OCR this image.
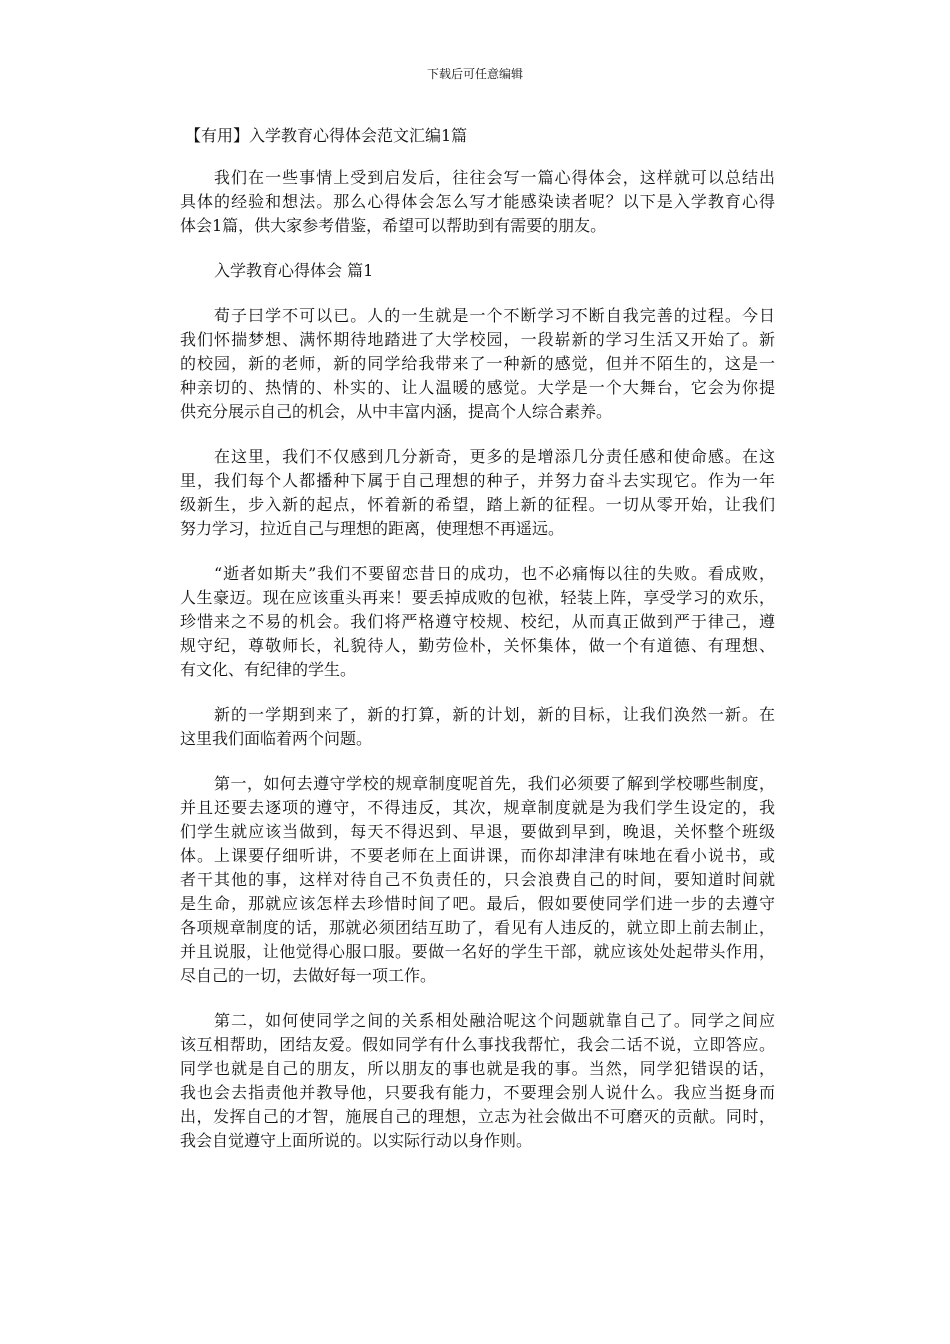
下载后可任意编辑
【有用】入学教育心得体会范文汇编1篇
我们在一些事情上受到启发后，往往会写一篇心得体会，这样就可以总结出
具体的经验和想法。那么心得体会怎么写才能感染读者呢？以下是入学教育心得
体会1篇，供大家参考借鉴，希望可以帮助到有需要的朋友。
入学教育心得体会 篇1
荀子曰学不可以已。人的一生就是一个不断学习不断自我完善的过程。今日
我们怀揣梦想、满怀期待地踏进了大学校园，一段崭新的学习生活又开始了。新
的校园，新的老师，新的同学给我带来了一种新的感觉，但并不陌生的，这是一
种亲切的、热情的、朴实的、让人温暖的感觉。大学是一个大舞台，它会为你提
供充分展示自己的机会，从中丰富内涵，提高个人综合素养。
在这里，我们不仅感到几分新奇，更多的是增添几分责任感和使命感。在这
里，我们每个人都播种下属于自己理想的种子，并努力奋斗去实现它。作为一年
级新生，步入新的起点，怀着新的希望，踏上新的征程。一切从零开始，让我们
努力学习，拉近自己与理想的距离，使理想不再遥远。
“逝者如斯夫”我们不要留恋昔日的成功，也不必痛悔以往的失败。看成败，
人生豪迈。现在应该重头再来！要丢掉成败的包袱，轻装上阵，享受学习的欢乐，
珍惜来之不易的机会。我们将严格遵守校规、校纪，从而真正做到严于律己，遵
规守纪，尊敬师长，礼貌待人，勤劳俭朴，关怀集体，做一个有道德、有理想、
有文化、有纪律的学生。
新的一学期到来了，新的打算，新的计划，新的目标，让我们涣然一新。在
这里我们面临着两个问题。
第一，如何去遵守学校的规章制度呢首先，我们必须要了解到学校哪些制度，
并且还要去逐项的遵守，不得违反，其次，规章制度就是为我们学生设定的，我
们学生就应该当做到，每天不得迟到、早退，要做到早到，晚退，关怀整个班级
体。上课要仔细听讲，不要老师在上面讲课，而你却津津有味地在看小说书，或
者干其他的事，这样对待自己不负责任的，只会浪费自己的时间，要知道时间就
是生命，那就应该怎样去珍惜时间了吧。最后，假如要使同学们进一步的去遵守
各项规章制度的话，那就必须团结互助了，看见有人违反的，就立即上前去制止，
并且说服，让他觉得心服口服。要做一名好的学生干部，就应该处处起带头作用，
尽自己的一切，去做好每一项工作。
第二，如何使同学之间的关系相处融洽呢这个问题就靠自己了。同学之间应
该互相帮助，团结友爱。假如同学有什么事找我帮忙，我会二话不说，立即答应。
同学也就是自己的朋友，所以朋友的事也就是我的事。当然，同学犯错误的话，
我也会去指责他并教导他，只要我有能力，不要理会别人说什么。我应当挺身而
出，发挥自己的才智，施展自己的理想，立志为社会做出不可磨灭的贡献。同时，
我会自觉遵守上面所说的。以实际行动以身作则。
